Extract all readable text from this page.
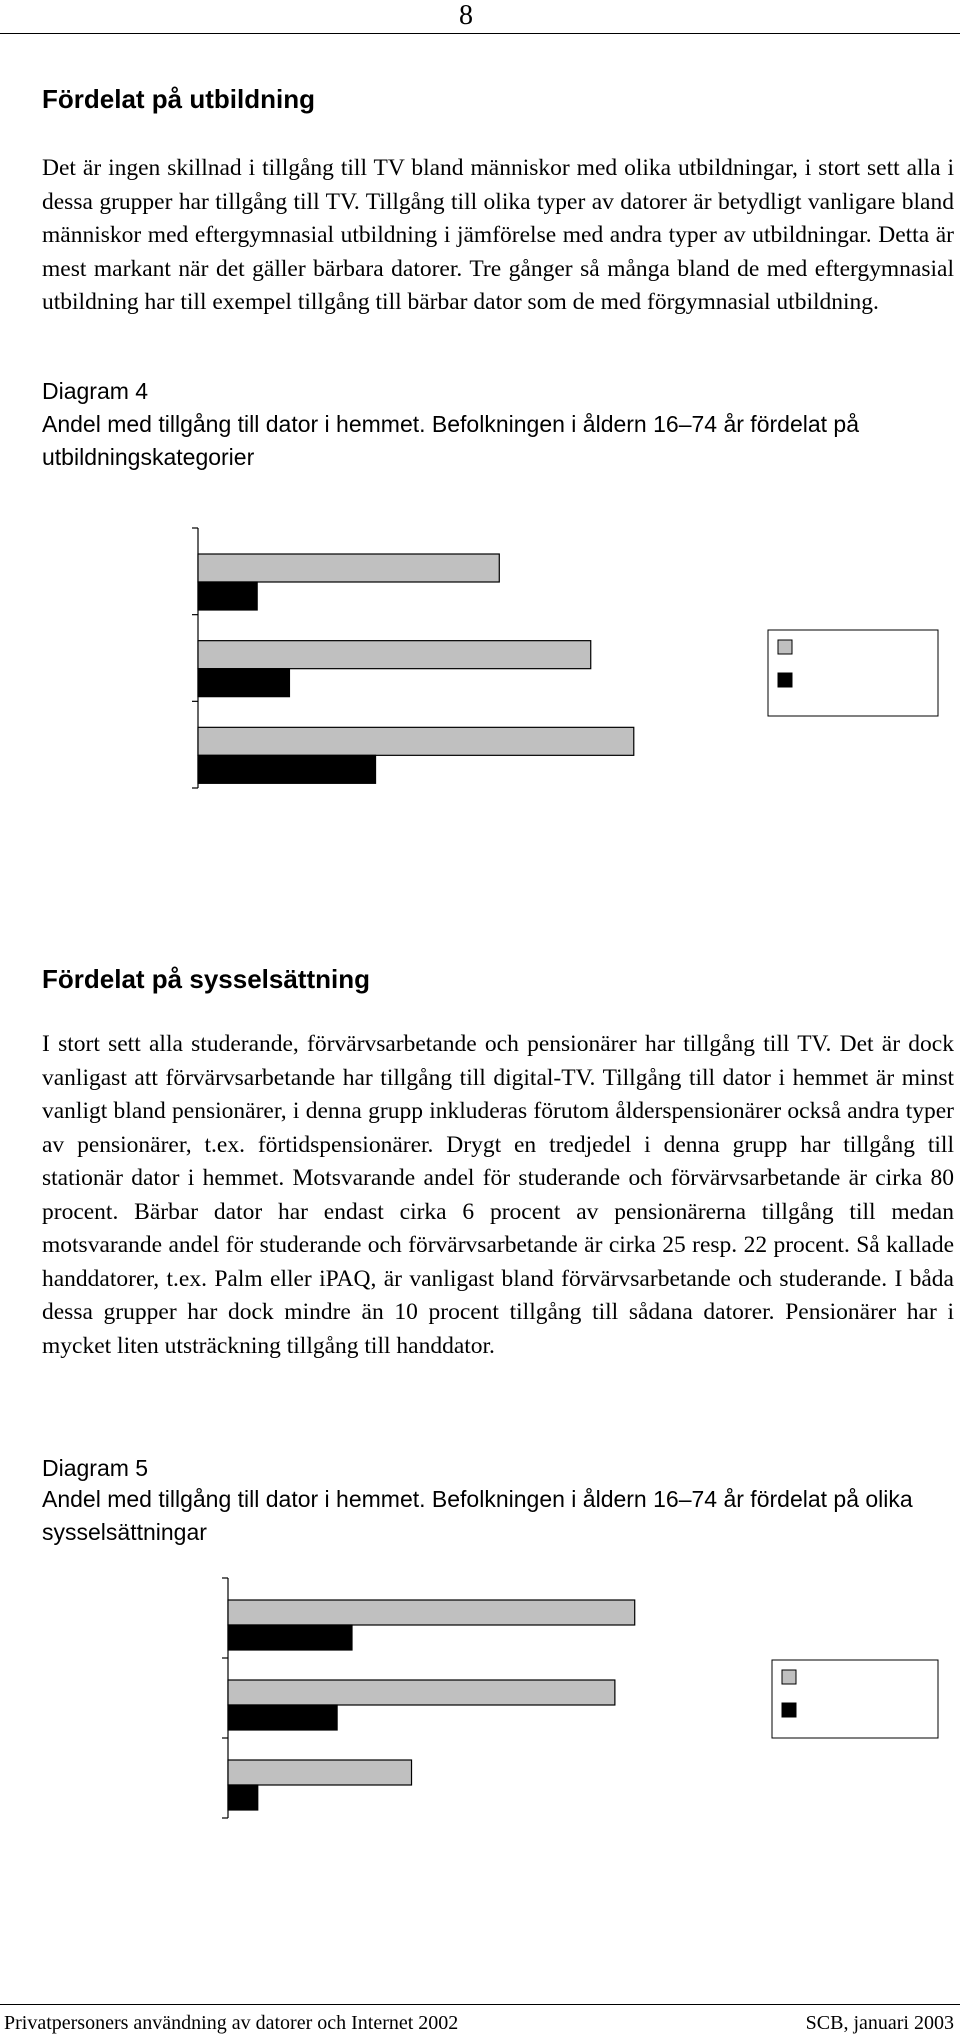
8
Fördelat på utbildning

Det är ingen skillnad i tillgång till TV bland människor med olika utbildningar, i stort sett alla i dessa grupper har tillgång till TV. Tillgång till olika typer av datorer är betydligt vanligare bland människor med eftergymnasial utbildning i jämförelse med andra typer av utbildningar. Detta är mest markant när det gäller bärbara datorer. Tre gånger så många bland de med eftergymnasial utbildning har till exempel tillgång till bärbar dator som de med förgymnasial utbildning.

Diagram 4
Andel med tillgång till dator i hemmet. Befolkningen i åldern 16–74 år fördelat på utbildningskategorier
Fördelat på sysselsättning

I stort sett alla studerande, förvärvsarbetande och pensionärer har tillgång till TV. Det är dock vanligast att förvärvsarbetande har tillgång till digital-TV. Tillgång till dator i hemmet är minst vanligt bland pensionärer, i denna grupp inkluderas förutom ålderspensionärer också andra typer av pensionärer, t.ex. förtidspensionärer. Drygt en tredjedel i denna grupp har tillgång till stationär dator i hemmet. Motsvarande andel för studerande och förvärvsarbetande är cirka 80 procent. Bärbar dator har endast cirka 6 procent av pensionärerna tillgång till medan motsvarande andel för studerande och förvärvsarbetande är cirka 25 resp. 22 procent. Så kallade handdatorer, t.ex. Palm eller iPAQ, är vanligast bland förvärvsarbetande och studerande. I båda dessa grupper har dock mindre än 10 procent tillgång till sådana datorer. Pensionärer har i mycket liten utsträckning tillgång till handdator.

Diagram 5
Andel med tillgång till dator i hemmet. Befolkningen i åldern 16–74 år fördelat på olika sysselsättningar
Privatpersoners användning av datorer och Internet 2002	SCB, januari 2003
